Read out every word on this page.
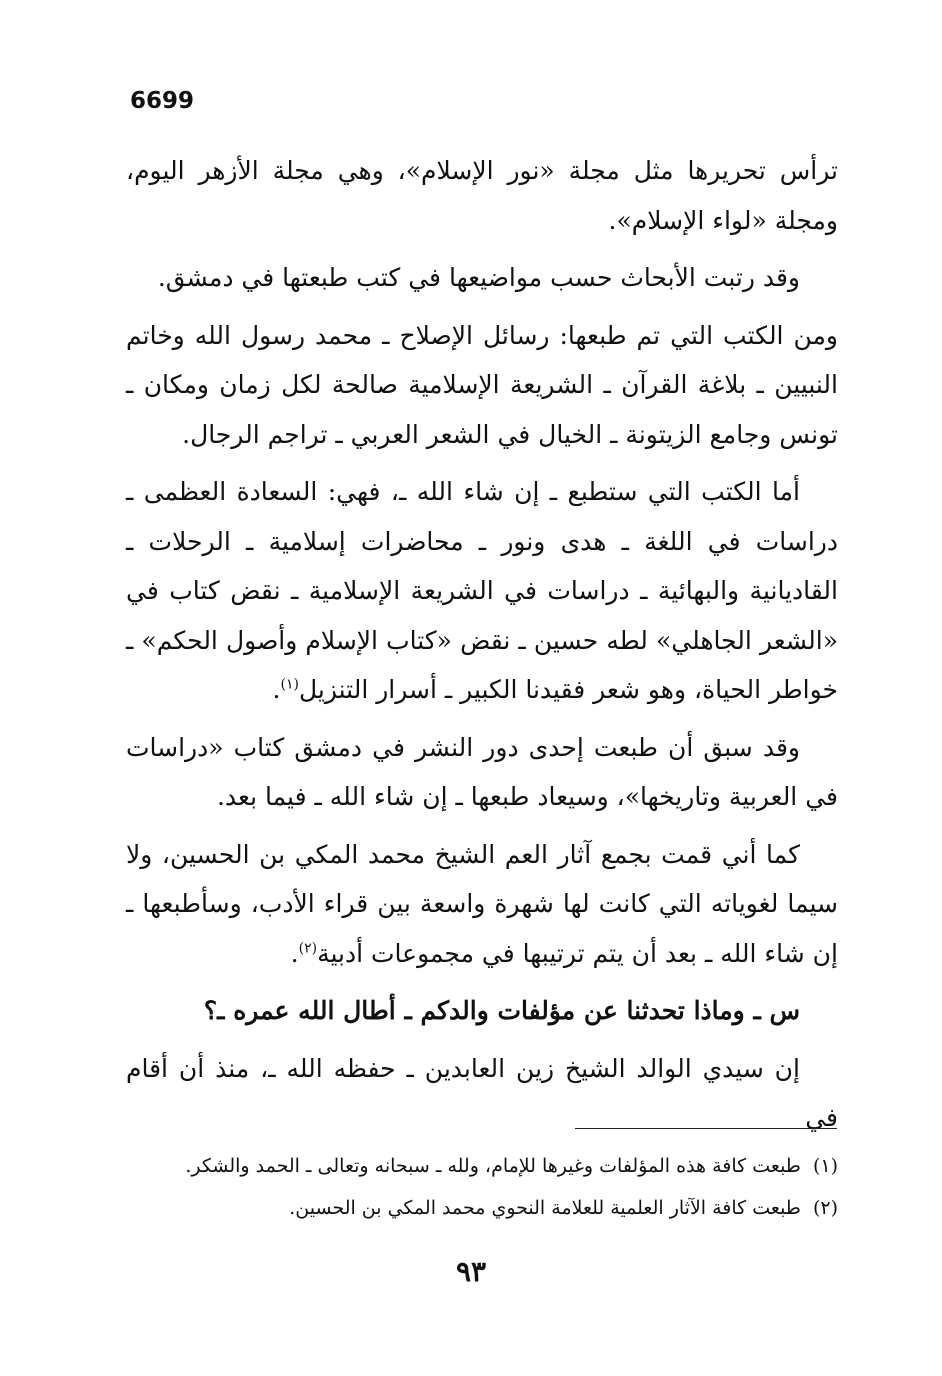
6699

ترأس تحريرها مثل مجلة «نور الإسلام»، وهي مجلة الأزهر اليوم، ومجلة «لواء الإسلام».

وقد رتبت الأبحاث حسب مواضيعها في كتب طبعتها في دمشق.

ومن الكتب التي تم طبعها: رسائل الإصلاح ـ محمد رسول الله وخاتم النبيين ـ بلاغة القرآن ـ الشريعة الإسلامية صالحة لكل زمان ومكان ـ تونس وجامع الزيتونة ـ الخيال في الشعر العربي ـ تراجم الرجال.

أما الكتب التي ستطبع ـ إن شاء الله ـ، فهي: السعادة العظمى ـ دراسات في اللغة ـ هدى ونور ـ محاضرات إسلامية ـ الرحلات ـ القاديانية والبهائية ـ دراسات في الشريعة الإسلامية ـ نقض كتاب في «الشعر الجاهلي» لطه حسين ـ نقض «كتاب الإسلام وأصول الحكم» ـ خواطر الحياة، وهو شعر فقيدنا الكبير ـ أسرار التنزيل$^{(١)}$.

وقد سبق أن طبعت إحدى دور النشر في دمشق كتاب «دراسات في العربية وتاريخها»، وسيعاد طبعها ـ إن شاء الله ـ فيما بعد.

كما أني قمت بجمع آثار العم الشيخ محمد المكي بن الحسين، ولا سيما لغوياته التي كانت لها شهرة واسعة بين قراء الأدب، وسأطبعها ـ إن شاء الله ـ بعد أن يتم ترتيبها في مجموعات أدبية$^{(٢)}$.

س ـ وماذا تحدثنا عن مؤلفات والدكم ـ أطال الله عمره ـ؟

إن سيدي الوالد الشيخ زين العابدين ـ حفظه الله ـ، منذ أن أقام في

(١)طبعت كافة هذه المؤلفات وغيرها للإمام، ولله ـ سبحانه وتعالى ـ الحمد والشكر.

(٢)طبعت كافة الآثار العلمية للعلامة النحوي محمد المكي بن الحسين.

٩٣
